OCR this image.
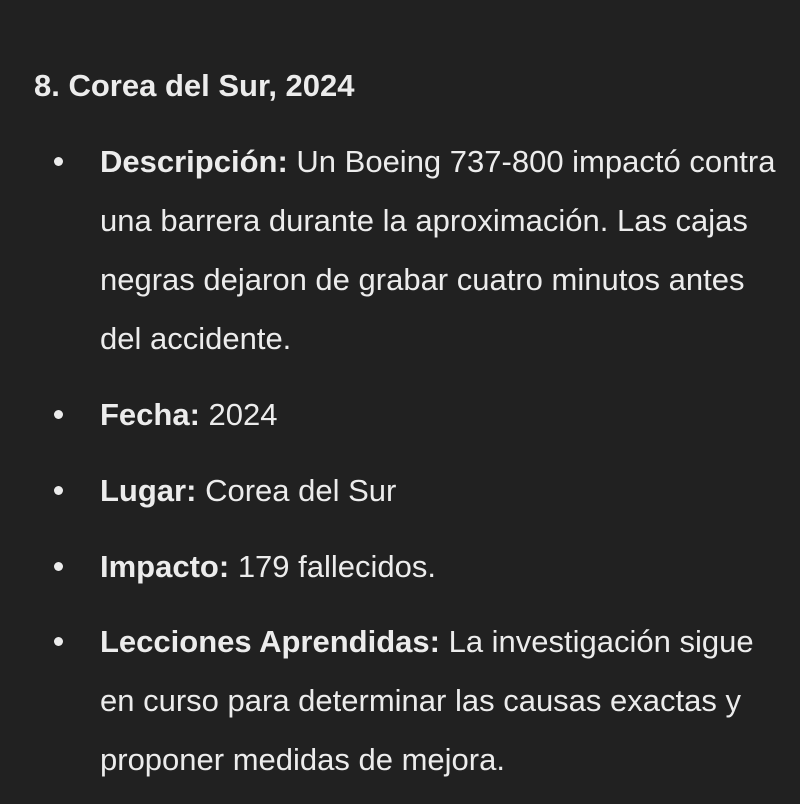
8. Corea del Sur, 2024

Descripción: Un Boeing 737-800 impactó contra una barrera durante la aproximación. Las cajas negras dejaron de grabar cuatro minutos antes del accidente.

Fecha: 2024

Lugar: Corea del Sur

Impacto: 179 fallecidos.

Lecciones Aprendidas: La investigación sigue en curso para determinar las causas exactas y proponer medidas de mejora.
